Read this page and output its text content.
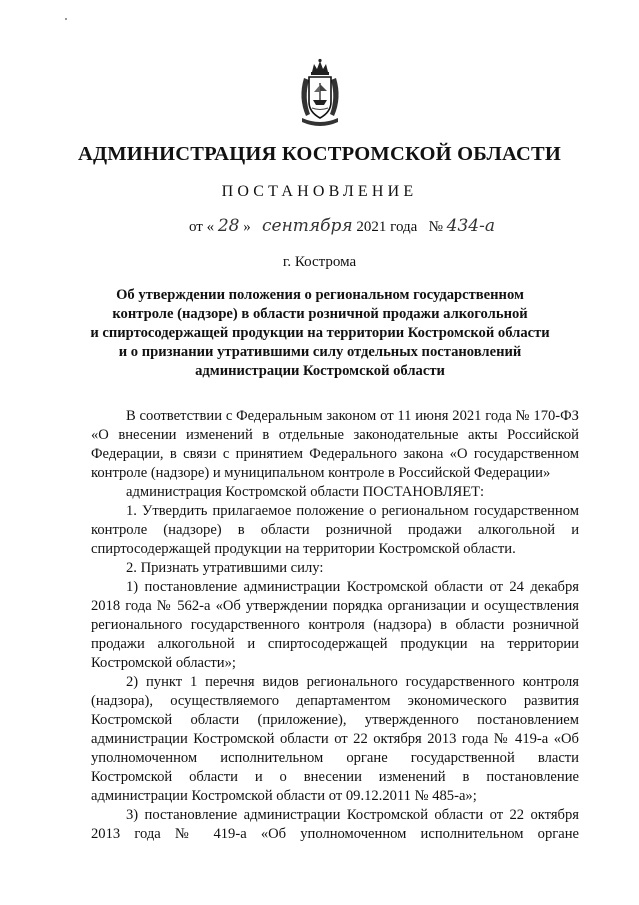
АДМИНИСТРАЦИЯ КОСТРОМСКОЙ ОБЛАСТИ
ПОСТАНОВЛЕНИЕ
от « 28 » сентября 2021 года № 434-а
г. Кострома
Об утверждении положения о региональном государственном
контроле (надзоре) в области розничной продажи алкогольной
и спиртосодержащей продукции на территории Костромской области
и о признании утратившими силу отдельных постановлений
администрации Костромской области

В соответствии с Федеральным законом от 11 июня 2021 года № 170-ФЗ «О внесении изменений в отдельные законодательные акты Российской Федерации, в связи с принятием Федерального закона «О государственном контроле (надзоре) и муниципальном контроле в Российской Федерации»

администрация Костромской области ПОСТАНОВЛЯЕТ:

1. Утвердить прилагаемое положение о региональном государственном контроле (надзоре) в области розничной продажи алкогольной и спиртосодержащей продукции на территории Костромской области.

2. Признать утратившими силу:

1) постановление администрации Костромской области от 24 декабря 2018 года № 562-а «Об утверждении порядка организации и осуществления регионального государственного контроля (надзора) в области розничной продажи алкогольной и спиртосодержащей продукции на территории Костромской области»;

2) пункт 1 перечня видов регионального государственного контроля (надзора), осуществляемого департаментом экономического развития Костромской области (приложение), утвержденного постановлением администрации Костромской области от 22 октября 2013 года № 419-а «Об уполномоченном исполнительном органе государственной власти Костромской области и о внесении изменений в постановление администрации Костромской области от 09.12.2011 № 485-а»;

3) постановление администрации Костромской области от 22 октября 2013 года № 419-а «Об уполномоченном исполнительном органе
